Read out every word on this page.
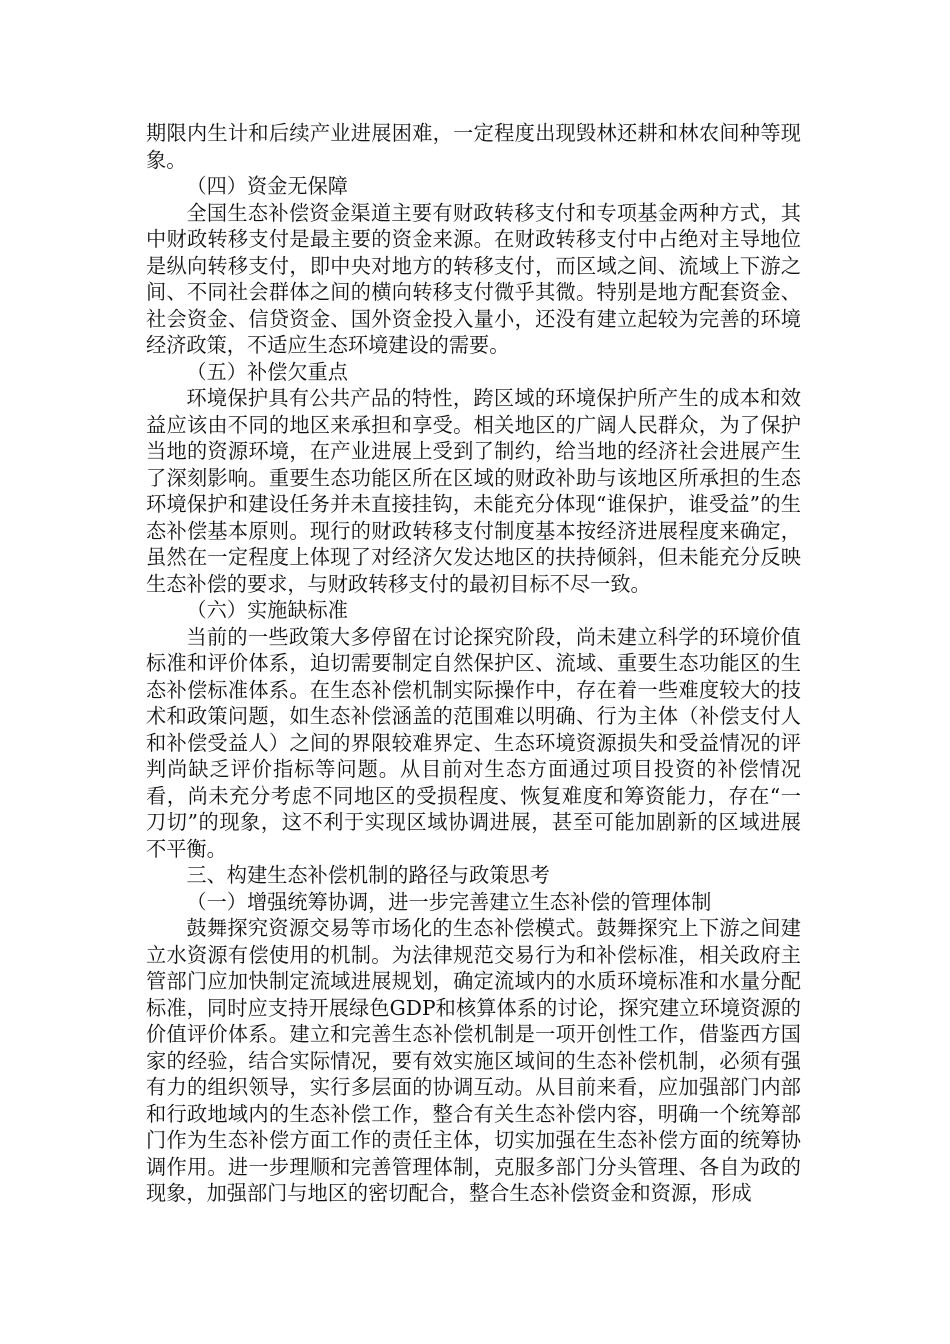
期限内生计和后续产业进展困难，一定程度出现毁林还耕和林农间种等现象。

（四）资金无保障

全国生态补偿资金渠道主要有财政转移支付和专项基金两种方式，其中财政转移支付是最主要的资金来源。在财政转移支付中占绝对主导地位是纵向转移支付，即中央对地方的转移支付，而区域之间、流域上下游之间、不同社会群体之间的横向转移支付微乎其微。特别是地方配套资金、社会资金、信贷资金、国外资金投入量小，还没有建立起较为完善的环境经济政策，不适应生态环境建设的需要。

（五）补偿欠重点

环境保护具有公共产品的特性，跨区域的环境保护所产生的成本和效益应该由不同的地区来承担和享受。相关地区的广阔人民群众，为了保护当地的资源环境，在产业进展上受到了制约，给当地的经济社会进展产生了深刻影响。重要生态功能区所在区域的财政补助与该地区所承担的生态环境保护和建设任务并未直接挂钩，未能充分体现“谁保护，谁受益”的生态补偿基本原则。现行的财政转移支付制度基本按经济进展程度来确定，虽然在一定程度上体现了对经济欠发达地区的扶持倾斜，但未能充分反映生态补偿的要求，与财政转移支付的最初目标不尽一致。

（六）实施缺标准

当前的一些政策大多停留在讨论探究阶段，尚未建立科学的环境价值标准和评价体系，迫切需要制定自然保护区、流域、重要生态功能区的生态补偿标准体系。在生态补偿机制实际操作中，存在着一些难度较大的技术和政策问题，如生态补偿涵盖的范围难以明确、行为主体（补偿支付人和补偿受益人）之间的界限较难界定、生态环境资源损失和受益情况的评判尚缺乏评价指标等问题。从目前对生态方面通过项目投资的补偿情况看，尚未充分考虑不同地区的受损程度、恢复难度和筹资能力，存在“一刀切”的现象，这不利于实现区域协调进展，甚至可能加剧新的区域进展不平衡。

三、构建生态补偿机制的路径与政策思考

（一）增强统筹协调，进一步完善建立生态补偿的管理体制

鼓舞探究资源交易等市场化的生态补偿模式。鼓舞探究上下游之间建立水资源有偿使用的机制。为法律规范交易行为和补偿标准，相关政府主管部门应加快制定流域进展规划，确定流域内的水质环境标准和水量分配标准，同时应支持开展绿色GDP和核算体系的讨论，探究建立环境资源的价值评价体系。建立和完善生态补偿机制是一项开创性工作，借鉴西方国家的经验，结合实际情况，要有效实施区域间的生态补偿机制，必须有强有力的组织领导，实行多层面的协调互动。从目前来看，应加强部门内部和行政地域内的生态补偿工作，整合有关生态补偿内容，明确一个统筹部门作为生态补偿方面工作的责任主体，切实加强在生态补偿方面的统筹协调作用。进一步理顺和完善管理体制，克服多部门分头管理、各自为政的现象，加强部门与地区的密切配合，整合生态补偿资金和资源，形成
